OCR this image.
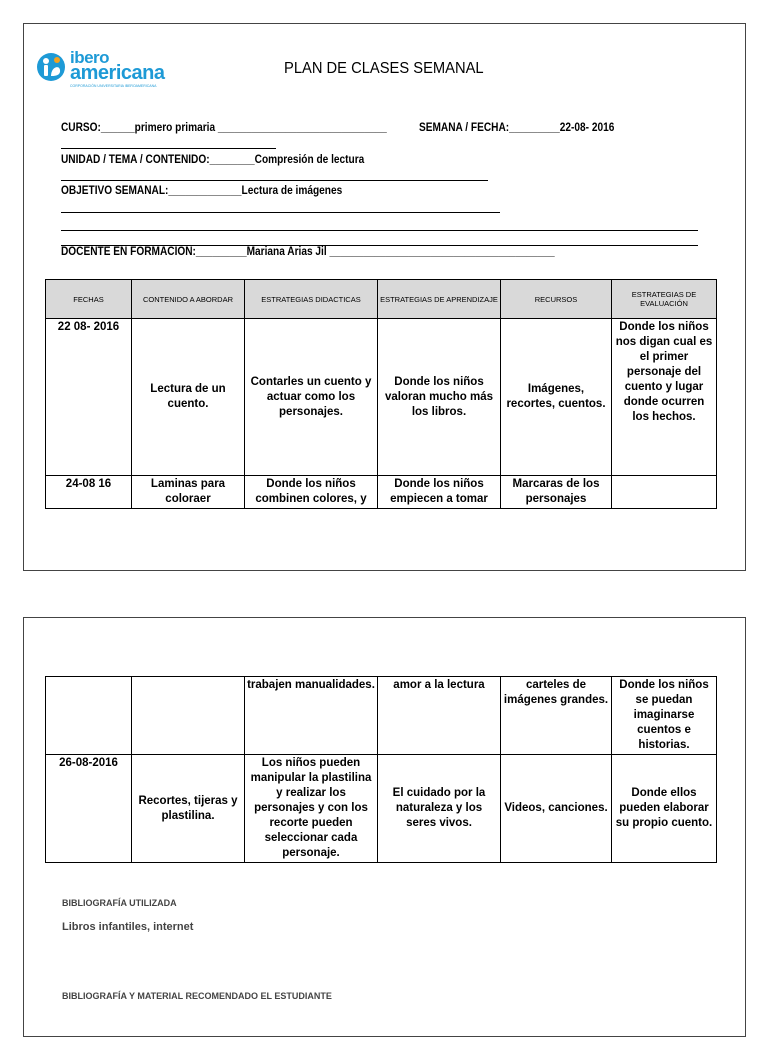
ibero
americana
CORPORACIÓN UNIVERSITARIA IBEROAMERICANA
PLAN DE CLASES SEMANAL
CURSO:______primero primaria ______________________________	SEMANA / FECHA:_________22-08- 2016
UNIDAD / TEMA / CONTENIDO:________Compresión de lectura
OBJETIVO SEMANAL:_____________Lectura de imágenes
DOCENTE EN FORMACIÓN:_________Mariana Arias Jil ________________________________________
FECHAS	CONTENIDO A ABORDAR	ESTRATEGIAS DIDACTICAS	ESTRATEGIAS DE APRENDIZAJE	RECURSOS	ESTRATEGIAS DE EVALUACIÓN
22 08- 2016	Lectura de un cuento.	Contarles un cuento y actuar como los personajes.	Donde los niños valoran mucho más los libros.	Imágenes, recortes, cuentos.	Donde los niños nos digan cual es el primer personaje del cuento y lugar donde ocurren los hechos.
24-08 16	Laminas para coloraer	Donde los niños combinen colores, y	Donde los niños empiecen a tomar	Marcaras de los personajes	
		trabajen manualidades.	amor a la lectura	carteles de imágenes grandes.	Donde los niños se puedan imaginarse cuentos e historias.
26-08-2016	Recortes, tijeras y plastilina.	Los niños pueden manipular la plastilina y realizar los personajes y con los recorte pueden seleccionar cada personaje.	El cuidado por la naturaleza y los seres vivos.	Videos, canciones.	Donde ellos pueden elaborar su propio cuento.
BIBLIOGRAFÍA UTILIZADA
Libros infantiles, internet
BIBLIOGRAFÍA Y MATERIAL RECOMENDADO EL ESTUDIANTE
